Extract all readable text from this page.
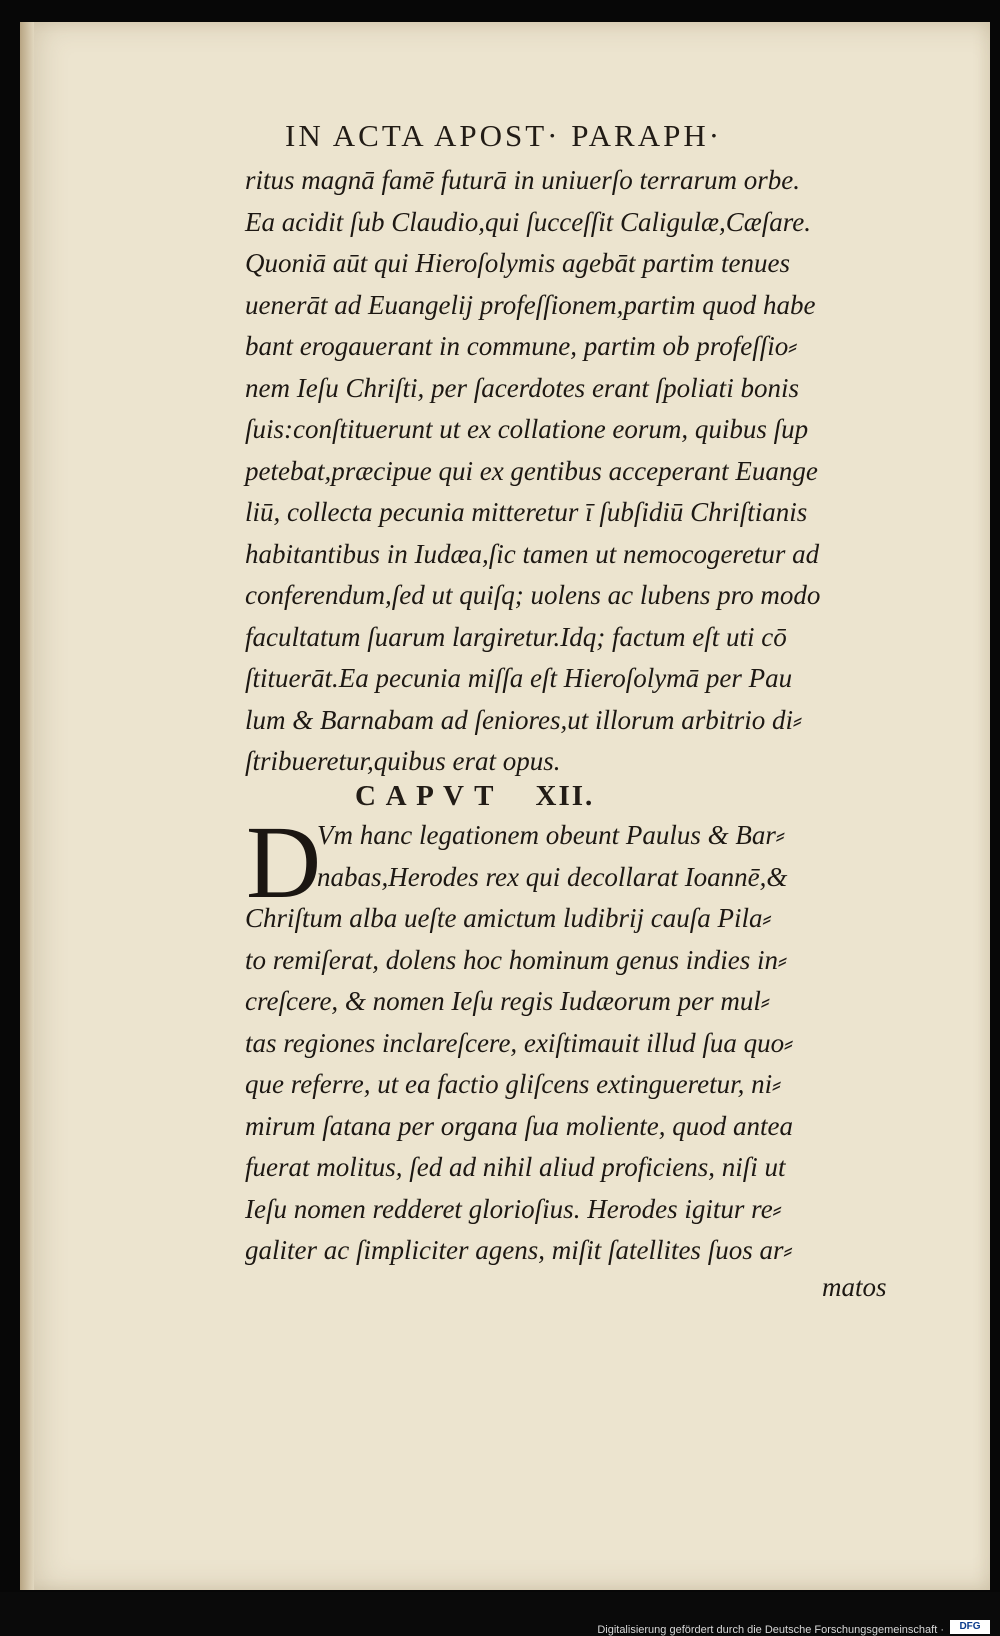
IN ACTA APOST· PARAPH·
ritus magnā famē futurā in uniuerſo terrarum orbe.
Ea acidit ſub Claudio,qui ſucceſſit Caligulæ,Cæſare.
Quoniā aūt qui Hieroſolymis agebāt partim tenues
uenerāt ad Euangelij profeſſionem,partim quod habe
bant erogauerant in commune, partim ob profeſſio⸗
nem Ieſu Chriſti, per ſacerdotes erant ſpoliati bonis
ſuis:conſtituerunt ut ex collatione eorum, quibus ſup
petebat,præcipue qui ex gentibus acceperant Euange
liū, collecta pecunia mitteretur ī ſubſidiū Chriſtianis
habitantibus in Iudæa,ſic tamen ut nemocogeretur ad
conferendum,ſed ut quiſq; uolens ac lubens pro modo
facultatum ſuarum largiretur.Idq; factum eſt uti cō
ſtituerāt.Ea pecunia miſſa eſt Hieroſolymā per Pau
lum & Barnabam ad ſeniores,ut illorum arbitrio di⸗
ſtribueretur,quibus erat opus.
C A P V T XII.
D
Vm hanc legationem obeunt Paulus & Bar⸗
nabas,Herodes rex qui decollarat Ioannē,&
Chriſtum alba ueſte amictum ludibrij cauſa Pila⸗
to remiſerat, dolens hoc hominum genus indies in⸗
creſcere, & nomen Ieſu regis Iudæorum per mul⸗
tas regiones inclareſcere, exiſtimauit illud ſua quo⸗
que referre, ut ea factio gliſcens extingueretur, ni⸗
mirum ſatana per organa ſua moliente, quod antea
fuerat molitus, ſed ad nihil aliud proficiens, niſi ut
Ieſu nomen redderet glorioſius. Herodes igitur re⸗
galiter ac ſimpliciter agens, miſit ſatellites ſuos ar⸗
matos
Digitalisierung gefördert durch die Deutsche Forschungsgemeinschaft ·	DFG
